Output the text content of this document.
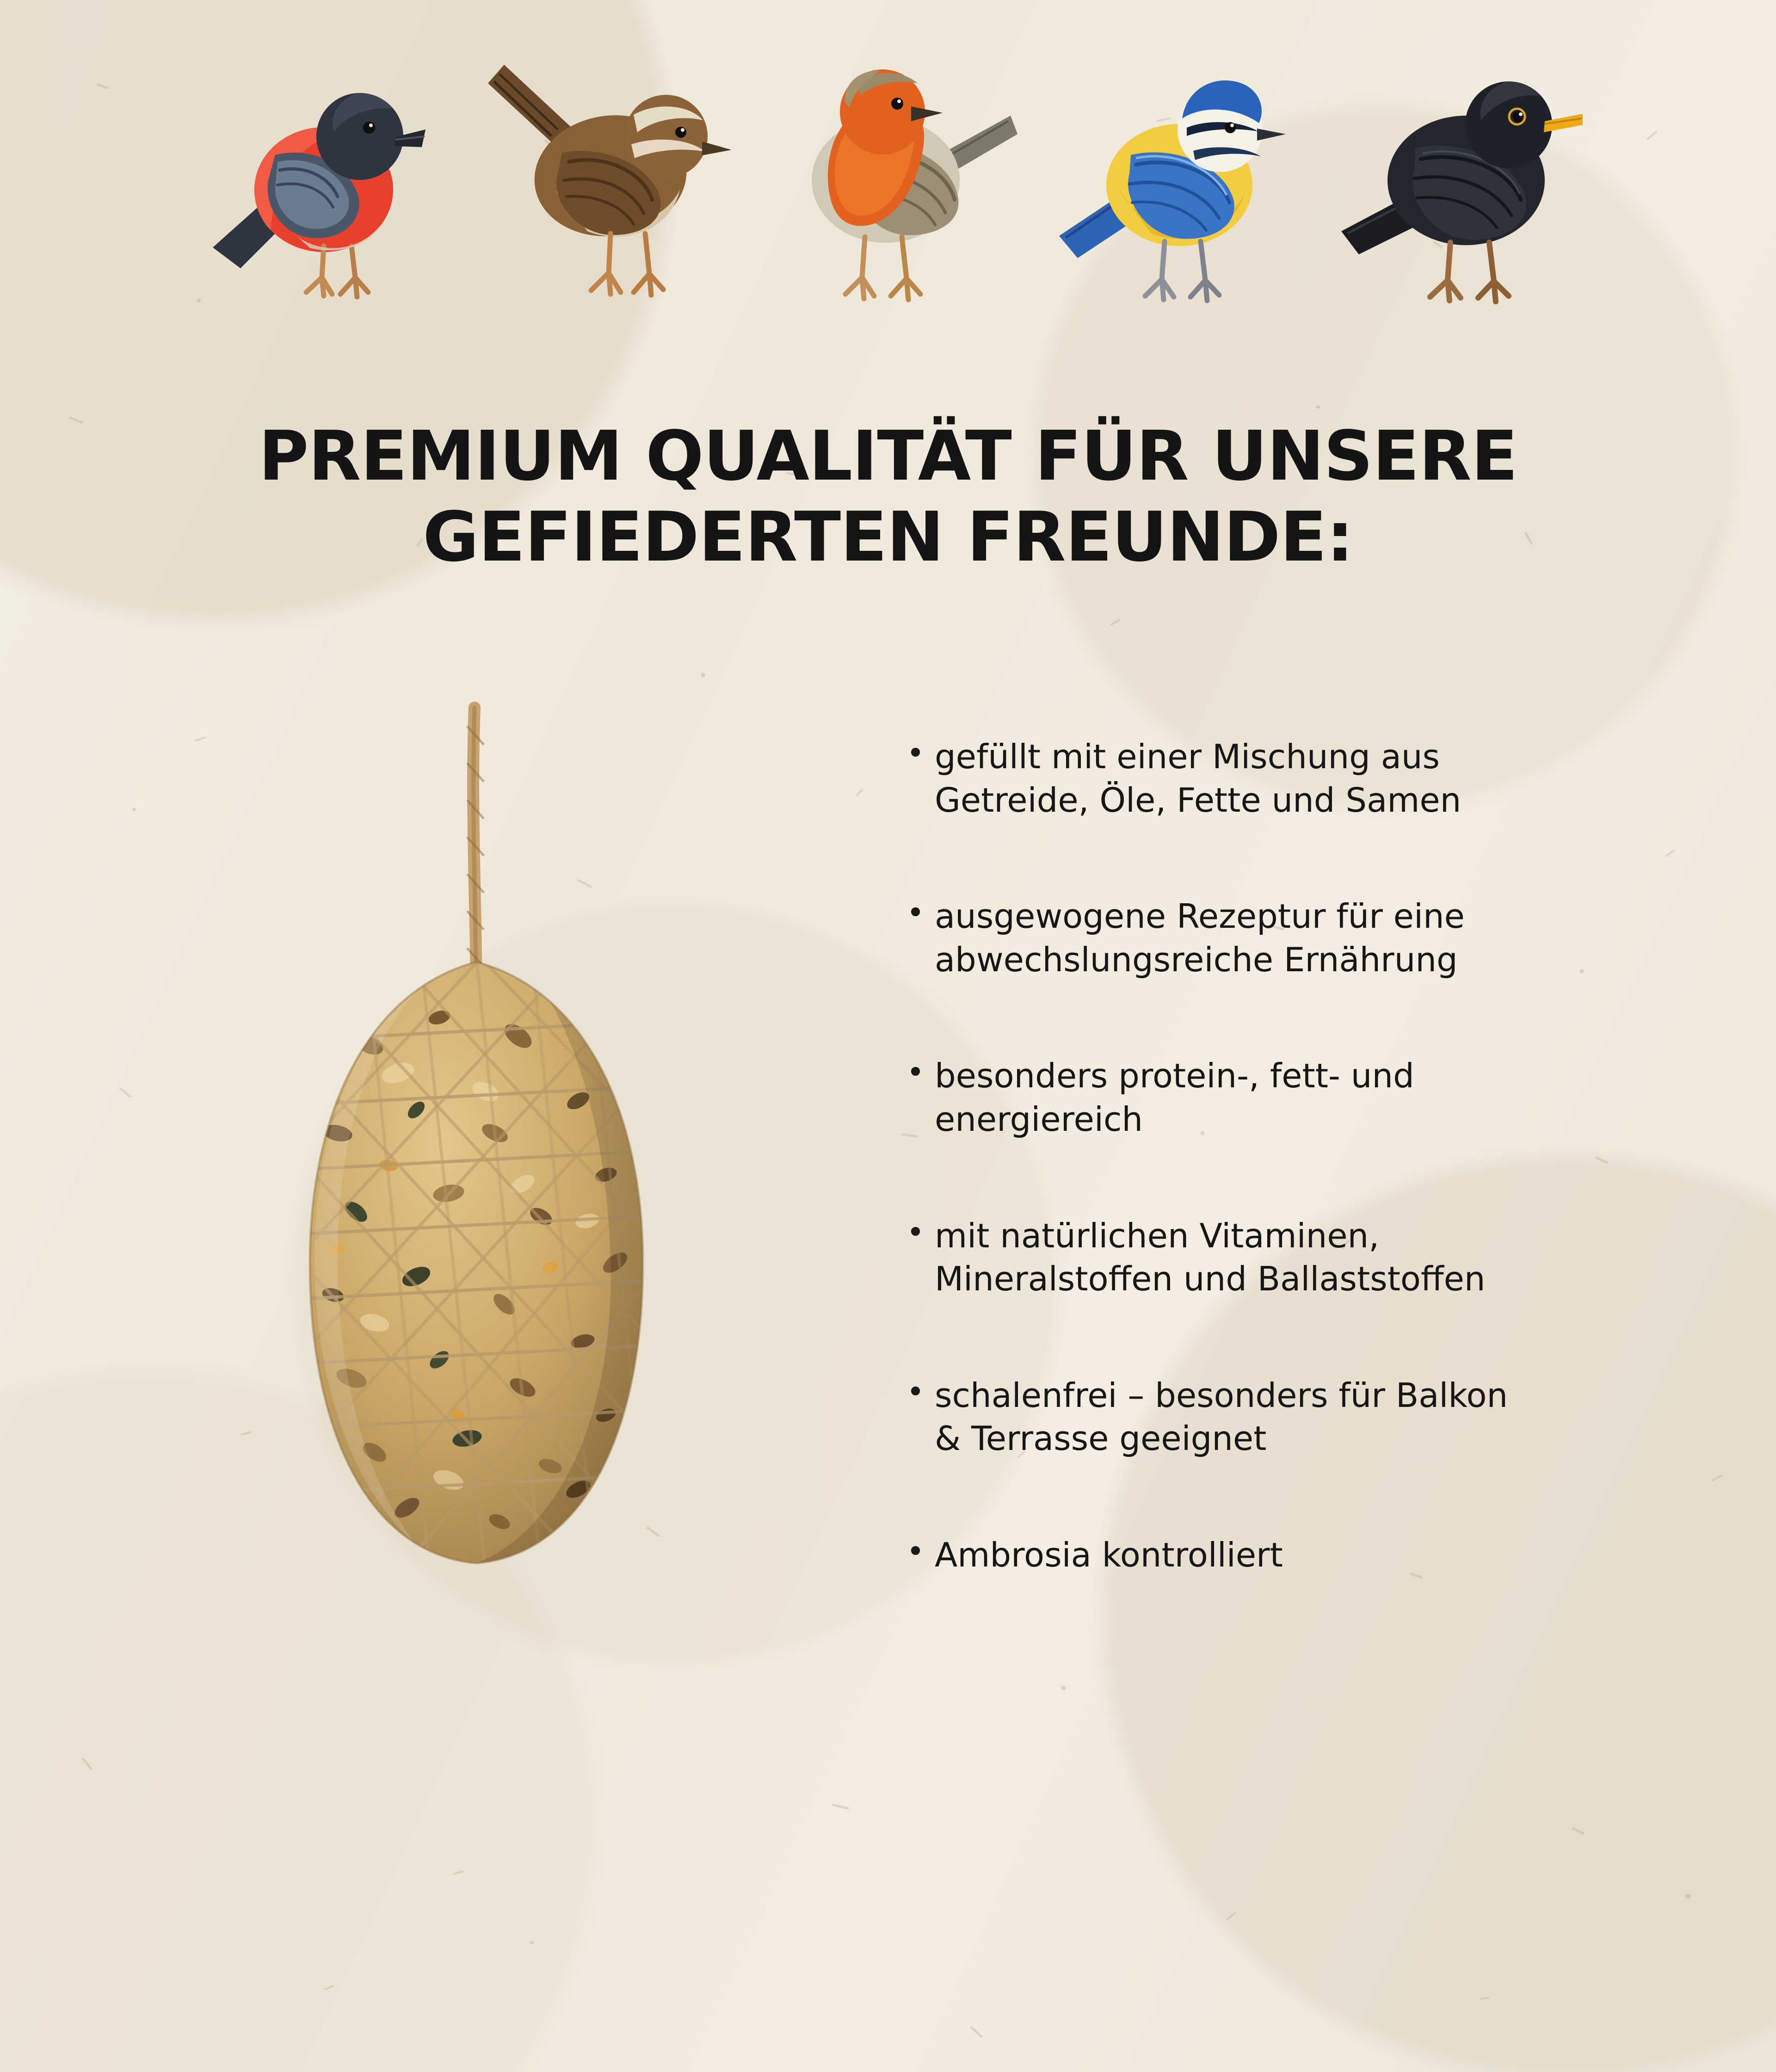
PREMIUM QUALITÄT FÜR UNSERE
GEFIEDERTEN FREUNDE:
• gefüllt mit einer Mischung aus
Getreide, Öle, Fette und Samen
• ausgewogene Rezeptur für eine
abwechslungsreiche Ernährung
• besonders protein-, fett- und
energiereich
• mit natürlichen Vitaminen,
Mineralstoffen und Ballaststoffen
• schalenfrei – besonders für Balkon
& Terrasse geeignet
• Ambrosia kontrolliert
